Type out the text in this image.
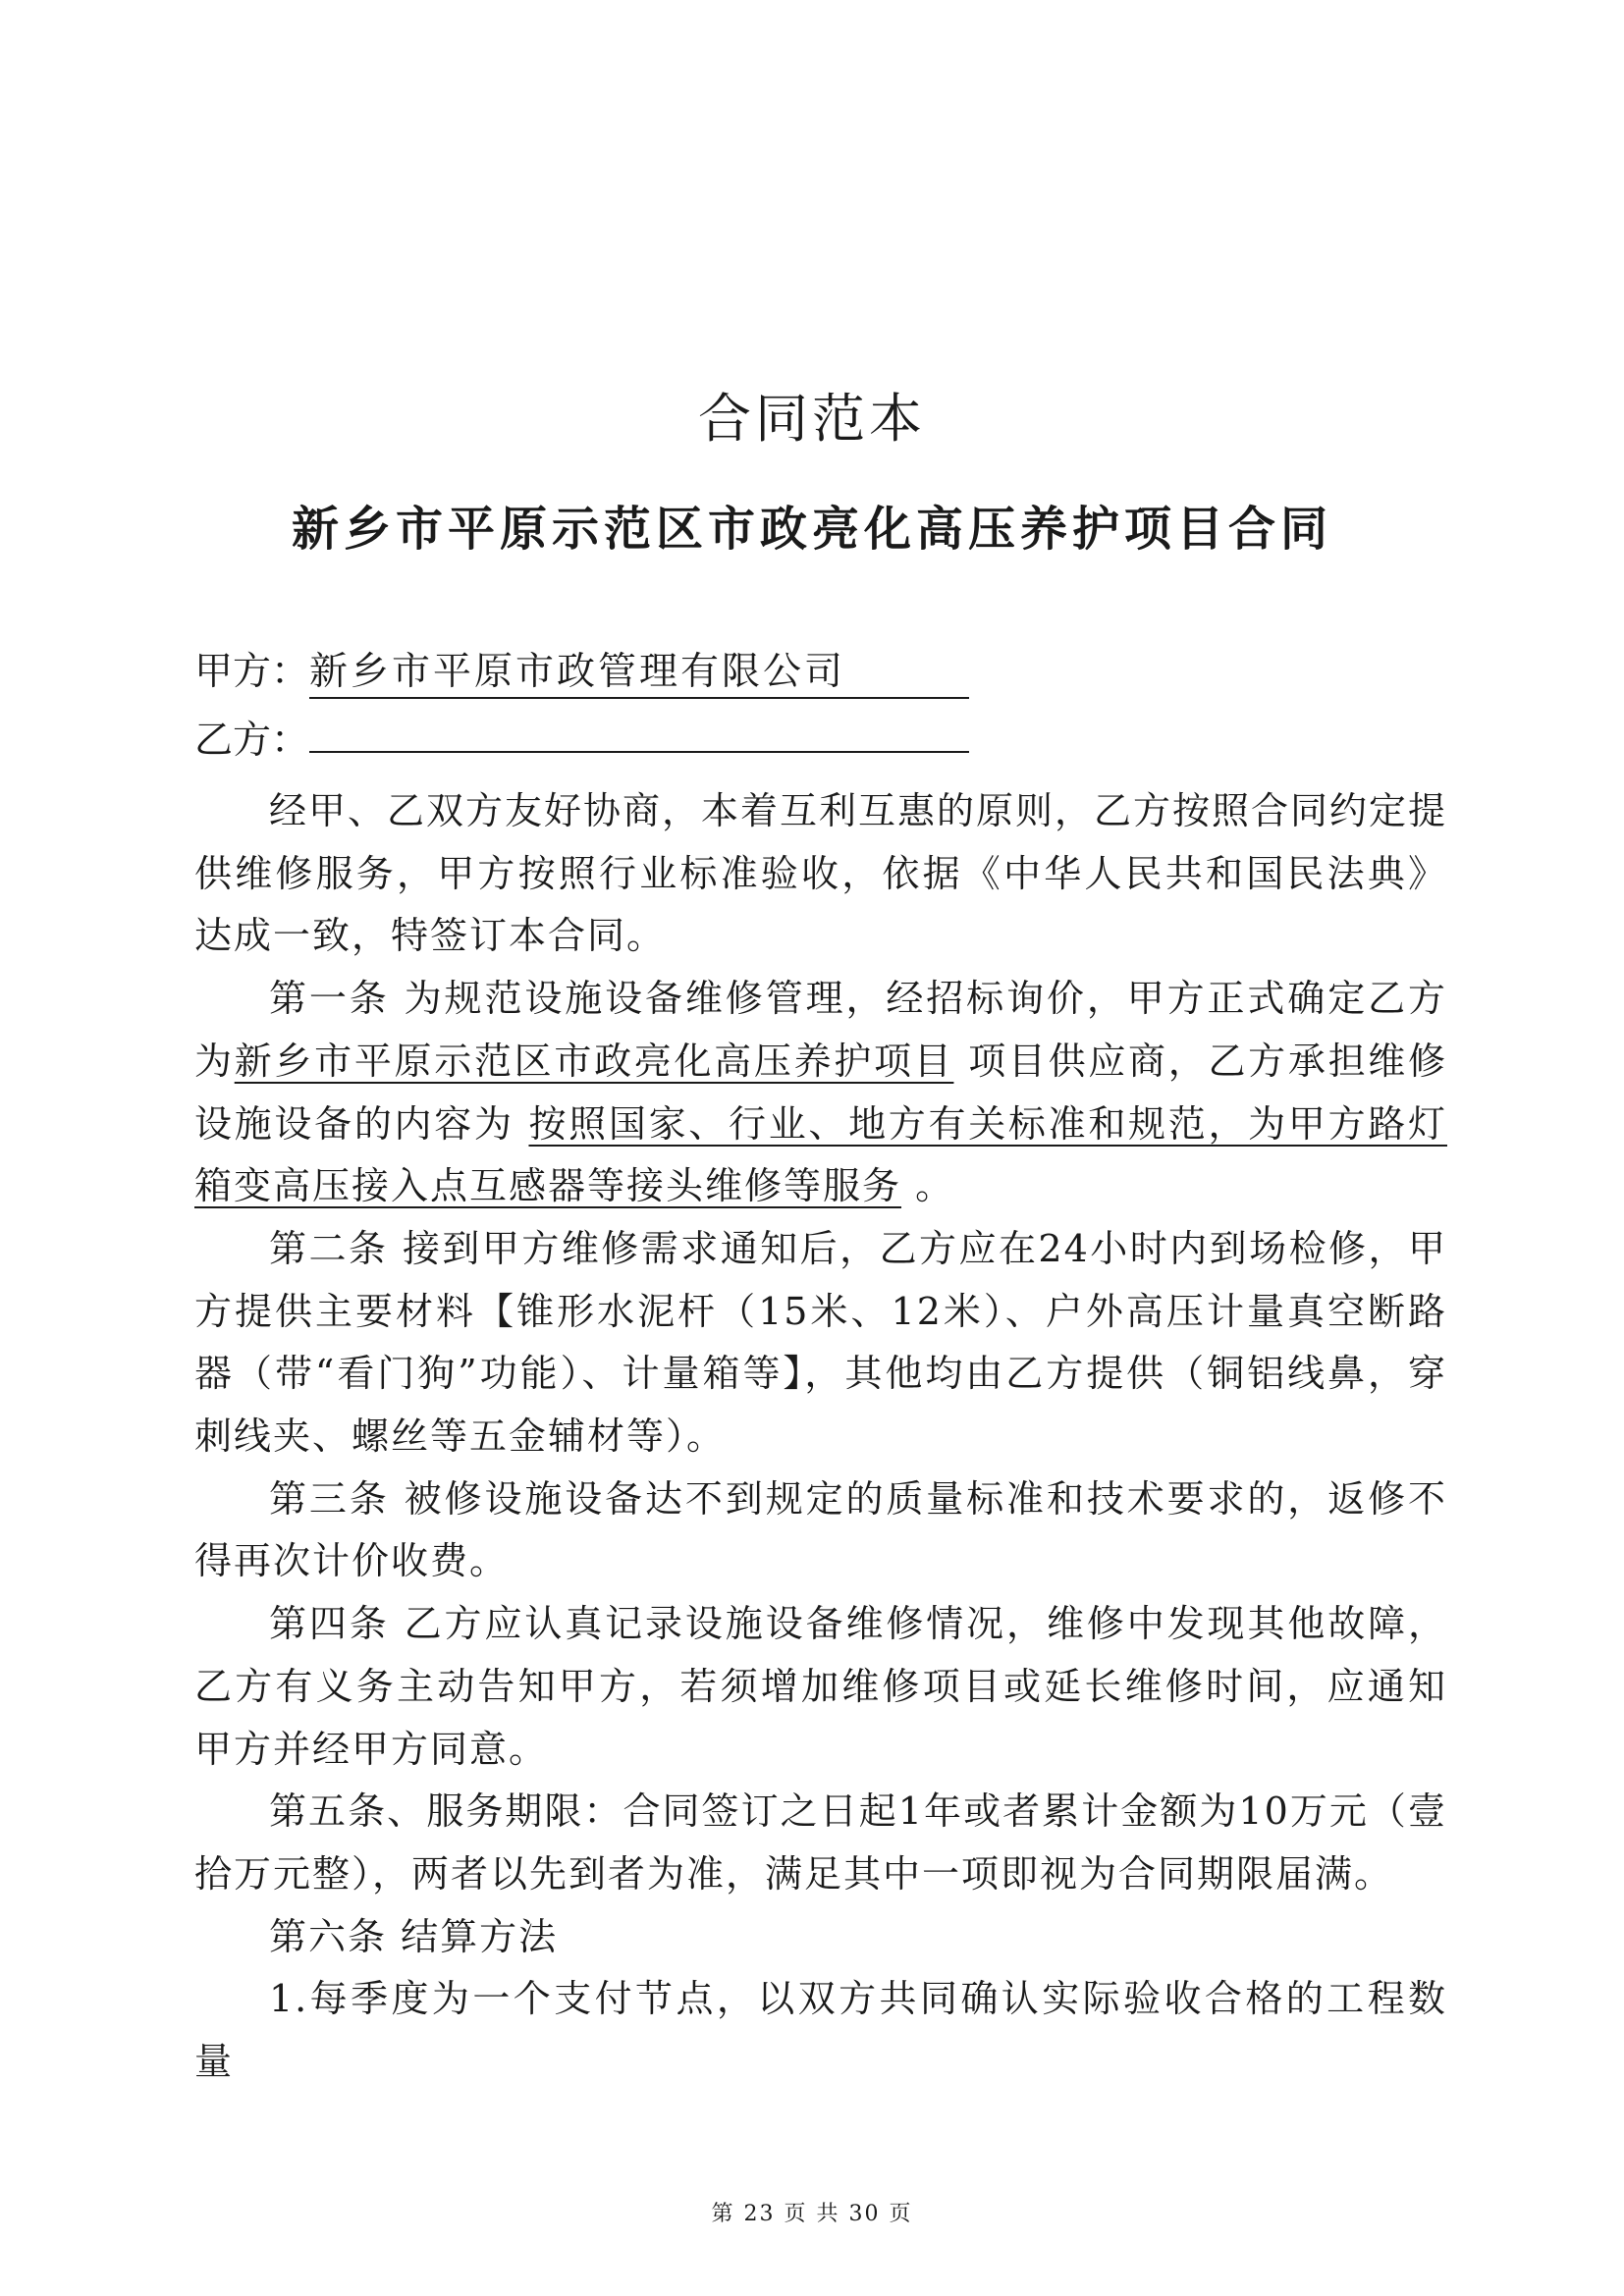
合同范本
新乡市平原示范区市政亮化高压养护项目合同
甲方：新乡市平原市政管理有限公司
乙方：

经甲、乙双方友好协商，本着互利互惠的原则，乙方按照合同约定提供维修服务，甲方按照行业标准验收，依据《中华人民共和国民法典》达成一致，特签订本合同。

第一条 为规范设施设备维修管理，经招标询价，甲方正式确定乙方为新乡市平原示范区市政亮化高压养护项目 项目供应商，乙方承担维修设施设备的内容为 按照国家、行业、地方有关标准和规范，为甲方路灯箱变高压接入点互感器等接头维修等服务 。

第二条 接到甲方维修需求通知后，乙方应在24小时内到场检修，甲方提供主要材料【锥形水泥杆（15米、12米）、户外高压计量真空断路器（带“看门狗”功能）、计量箱等】，其他均由乙方提供（铜铝线鼻，穿刺线夹、螺丝等五金辅材等）。

第三条 被修设施设备达不到规定的质量标准和技术要求的，返修不得再次计价收费。

第四条 乙方应认真记录设施设备维修情况，维修中发现其他故障，乙方有义务主动告知甲方，若须增加维修项目或延长维修时间，应通知甲方并经甲方同意。

第五条、服务期限：合同签订之日起1年或者累计金额为10万元（壹拾万元整），两者以先到者为准，满足其中一项即视为合同期限届满。

第六条 结算方法

1.每季度为一个支付节点，以双方共同确认实际验收合格的工程数量

第 23 页 共 30 页
